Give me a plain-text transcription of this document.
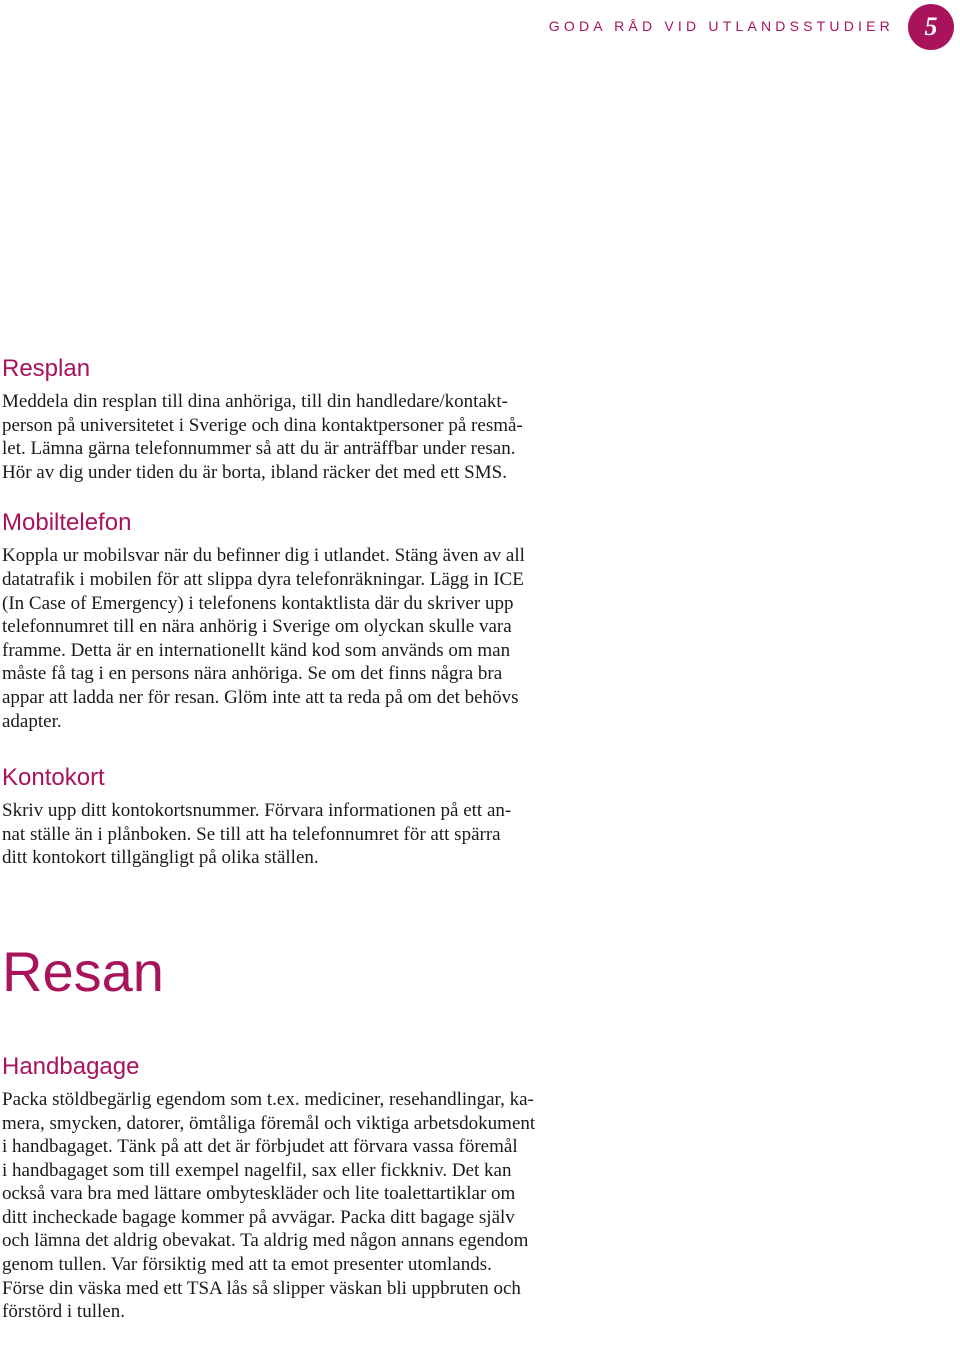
GODA RÅD VID UTLANDSSTUDIER	5
Resplan

Meddela din resplan till dina anhöriga, till din handledare/kontakt-
person på universitetet i Sverige och dina kontaktpersoner på resmå-
let. Lämna gärna telefonnummer så att du är anträffbar under resan.
Hör av dig under tiden du är borta, ibland räcker det med ett SMS.

Mobiltelefon

Koppla ur mobilsvar när du befinner dig i utlandet. Stäng även av all
datatrafik i mobilen för att slippa dyra telefonräkningar. Lägg in ICE
(In Case of Emergency) i telefonens kontaktlista där du skriver upp
telefonnumret till en nära anhörig i Sverige om olyckan skulle vara
framme. Detta är en internationellt känd kod som används om man
måste få tag i en persons nära anhöriga. Se om det finns några bra
appar att ladda ner för resan. Glöm inte att ta reda på om det behövs
adapter.

Kontokort

Skriv upp ditt kontokortsnummer. Förvara informationen på ett an-
nat ställe än i plånboken. Se till att ha telefonnumret för att spärra
ditt kontokort tillgängligt på olika ställen.

Resan
Handbagage

Packa stöldbegärlig egendom som t.ex. mediciner, resehandlingar, ka-
mera, smycken, datorer, ömtåliga föremål och viktiga arbetsdokument
i handbagaget. Tänk på att det är förbjudet att förvara vassa föremål
i handbagaget som till exempel nagelfil, sax eller fickkniv. Det kan
också vara bra med lättare ombyteskläder och lite toalettartiklar om
ditt incheckade bagage kommer på avvägar. Packa ditt bagage själv
och lämna det aldrig obevakat. Ta aldrig med någon annans egendom
genom tullen. Var försiktig med att ta emot presenter utomlands.
Förse din väska med ett TSA lås så slipper väskan bli uppbruten och
förstörd i tullen.
